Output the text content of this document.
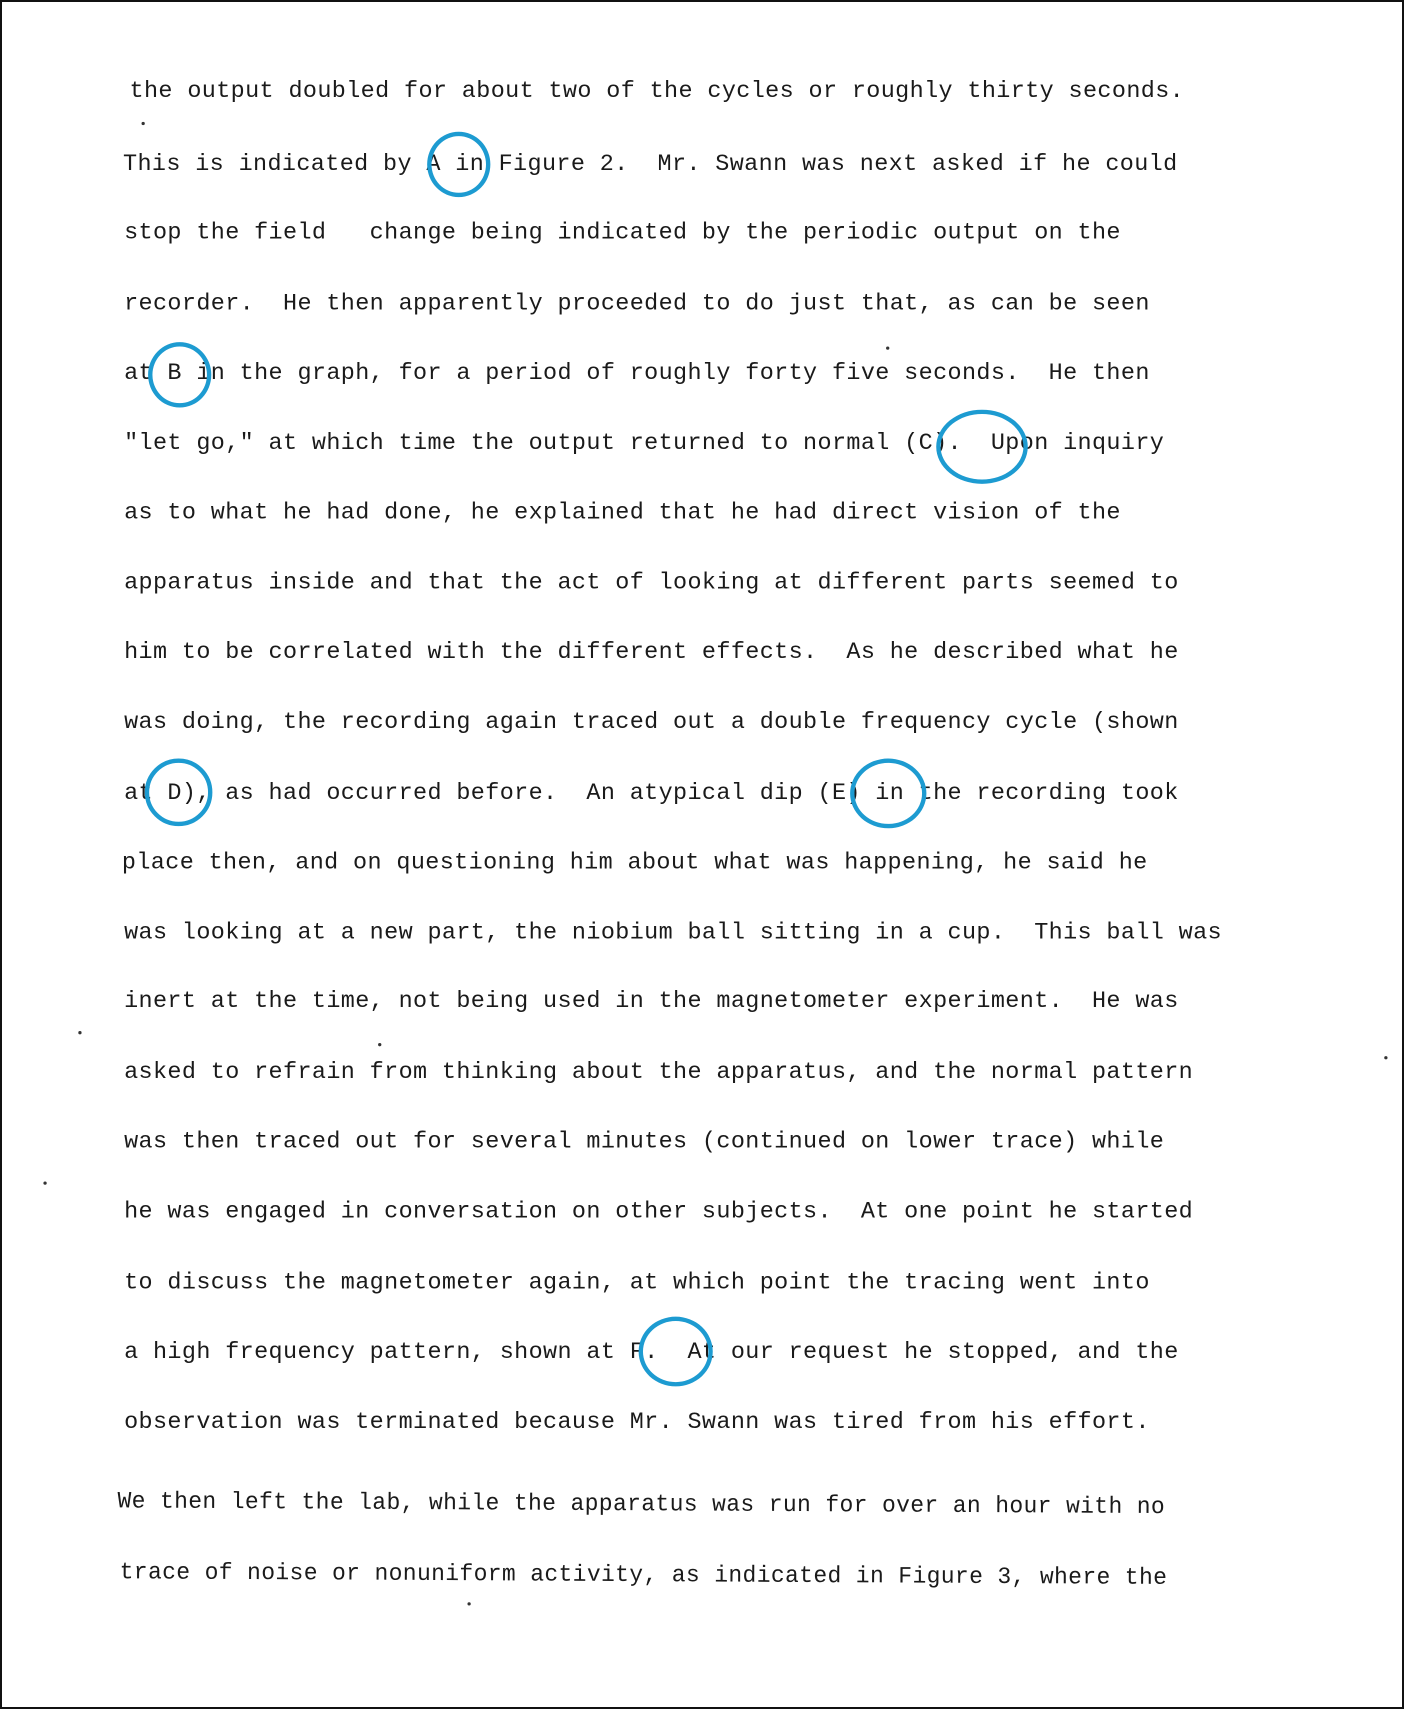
the output doubled for about two of the cycles or roughly thirty seconds.
This is indicated by A in Figure 2.  Mr. Swann was next asked if he could
stop the field   change being indicated by the periodic output on the
recorder.  He then apparently proceeded to do just that, as can be seen
at B in the graph, for a period of roughly forty five seconds.  He then
"let go," at which time the output returned to normal (C).  Upon inquiry
as to what he had done, he explained that he had direct vision of the
apparatus inside and that the act of looking at different parts seemed to
him to be correlated with the different effects.  As he described what he
was doing, the recording again traced out a double frequency cycle (shown
at D), as had occurred before.  An atypical dip (E) in the recording took
place then, and on questioning him about what was happening, he said he
was looking at a new part, the niobium ball sitting in a cup.  This ball was
inert at the time, not being used in the magnetometer experiment.  He was
asked to refrain from thinking about the apparatus, and the normal pattern
was then traced out for several minutes (continued on lower trace) while
he was engaged in conversation on other subjects.  At one point he started
to discuss the magnetometer again, at which point the tracing went into
a high frequency pattern, shown at F.  At our request he stopped, and the
observation was terminated because Mr. Swann was tired from his effort.
We then left the lab, while the apparatus was run for over an hour with no
trace of noise or nonuniform activity, as indicated in Figure 3, where the
